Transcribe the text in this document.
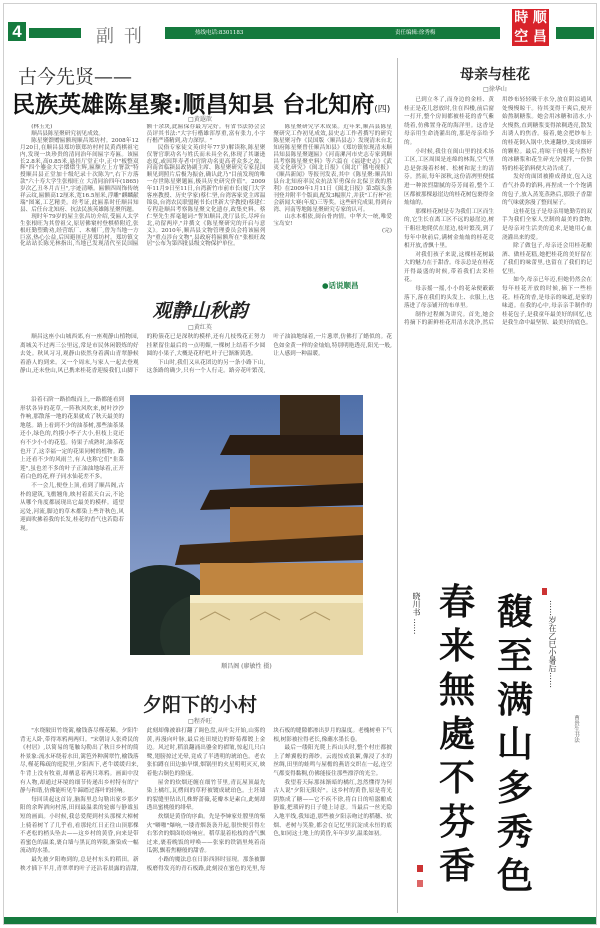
4	副刊	热线电话:8301183	责任编辑:徐秀梅
時 顺
空 昌
古今先贤——
民族英雄陈星聚:顺昌知县 台北知府(四)
□黄遐歆

(林玉光)

顺昌县陈星聚研究初见成效。

陈星聚馈赠匾额现顺昌郑坊村。2008年12月20日,在顺昌县郑坊镇郑坊村村民黄尚棋祖宅内,发现一块珍贵的清同治年间匾字寿匾。该匾长2.8米,高0.85米,悬挂厅堂正中,正中"板整双辉"四个鎏金大字熠熠生辉,匾额左上方署款"特授顺昌县正堂加十级纪录十次陈为",右下方落款"六十寿大学生张根旺立 大清同治四年(1865)岁次乙丑冬月吉旦",字迹清晰。匾额四周饰传统祥云纹,匾额高12厘米,宽16.5厘米,浮雕"麒麟献瑞"图案,工艺精美。经考证,此匾系时任顺昌知县、后任台北知府、抗法民族英雄陈星聚所题。

现时年79岁的屋主张昌坊介绍,受匾人太学生张根旺为其曾祖父,原居佛窠村登棋桥附近,张根旺勤塑勤劝,经营纸厂、木桶厂,曾为当地一方巨富,热心公益,后因避匪迁居郑坊村。郑坊镇文化站站长陈光林指出,当地已发现清代至民国匾额十余块,此匾保存最为完好。有省书法协会会员评其书法:"大字行楷雄浑厚重,富有张力,小字行楷严谨精到,功力深厚。"

民俗专家徒文英(时年77岁)解读称,陈星聚仅署官职功名与姓氏而未具全名,体现了其谦逊态度,或因拜寿者中官阶功名更高者众多之故。河南省临颍县政协副主席、陈星聚研究专家昆国顺见到照片后极为振奋,确认此乃"目前发现的唯一存世陈星聚题匾,极具历史研究价值"。2009年11月9日至11日,台湾新竹市前市长(厦门大学客座教授、历史学家)蔡仁坚,台湾客家党主席温锦泉,台湾农民联盟秘书长(世新大学教授)蔡建仁专程赴顺昌考察陈星聚文化遗存,政集史料。蔡仁坚先生挥毫题词:"誓知顺昌,洗厅县长,尽瘁台北,功留两岸,"并撰文《陈星聚研究的开启与意义》。2010年,顺昌县文物管理委员会将该匾列为"重点涉台文物",县政府将匾额所在"张根旺故居"公布为第四批县级文物保护单位。

陈星聚研究学术成果。近年来,顺昌县陈星聚研究工作初见成效,县史志工作者撰写的研究陈星聚习作《民国版〈顺昌县志〉发现清末台北知府陈星聚曾任顺昌知县》《郑坊镇惊现清末顺昌知县陈星聚题匾》《河南漯河市史志专家到顺昌考察陈星聚史料》等六篇在《福建史志》《武夷文化研究》《闽北日报》《闽北广播电视报》《顺昌新闻》等报刊发表,其中《陈星聚:顺昌知县台北知府率民众抗法军勇保台北保卫战的胜利》在2009年1月11日《闽北日报》第3版头条刊登并附半个版面,配发3幅照片,并获"工行杯"社会新闻大赛(年度)三等奖。这些研究成果,得到台湾、河南等地陈星聚研究专家的认可。

山水本相依,闽台骨肉情。中华大一统,唯爱宝岛安!

(完)

●话说顺昌
观静山秋韵
□黄红英

顺昌这座小山城西郊,有一座观静山植物园,离城关不过两三公里远,常是市民休闲锻炼的好去处。秋风习习,观静山依然身着满山青翠静候着游人的到来。又一个周末,与家人一起去登观静山,还未登山,风已携来桂花香迎接我们,山脚下的粉簇花已是深秋的模样,还有几枝残花正努力挂紧留住最后的一点明媚,一棵树上结着不少圆圆的小果子,大概是花籽吧,叶子已渐渐黄透。

下山时,我们又从花团边的另一条小路下山,这条路的确少,只有一个人行走。路旁花叶繁茂,叶子油油地绿着,一片葱翠,仿佛打了蜡似的。花色如金黄一样的金灿灿,特别明艳透亮,阳光一般,让人感到一种温暖。

沿着石阶一路拾级而上,一路都能看到形状各异的花草,一阵秋风吹来,树叶沙沙作响,那散落一地的花果就成了秋天最美的地毯。路上看到不少的油茶树,那些油茶果还小,绿色的,约摸小李子大小,但枝上竟还有不少小小的花苞。待果子成熟时,油茶花也开了,这幸福一定的花果同树的植物。路上还看不少的风雨兰,有人也称它们"韭菜莲",虽也差不多的叶子正油油地绿着,正开着白色的花,样子同水仙花差不多。

不一会儿,便登上顶,看到了顺昌阁,古朴的建筑,飞檐翘角,映衬着蓝天白云,不论从哪个角度都展现出它最美的模样。遥望远处,河流,脚边的草木都染上些许秋色,风迎面吹拂着我的长发,桂花的香气也若隐若现。

顺昌阁 (廖敏性 摄)
夕阳下的小村
□程乔旺

"水绕陂田竹绕篱,榆钱落尽槿花稀。夕阳牛背无人卧,带得寒鸦两两归。"宋朝诗人张舜民的《村居》,以简易的笔触勾勒出了秋日乡村的简朴景象:流水环绕着水田,篱笆外种满翠竹,榆钱落尽,槿花稀疏的庭院里,夕阳西下,老牛缓缓归来,牛背上没有牧童,却栖息着两只寒鸦。画面中没有人物,却通过环境的细节传递出乡村特有的宁静与和谐,仿佛能听见牛蹄踏过落叶的轻响。

每回读起这首诗,脑海里总勾勒出家乡那夕阳的余晖洒向村落,田间最温柔的轮廓与静谧虽短的画面。小时候,我总爱爬到村头那棵大樟树上骑着树丫了几乎看,看那轮红日正往山顶那棵不老松的梢头坠去——这乡村的黄昏,向来是带着蜜色的温柔,裹白墙与黑瓦的界限,渐染成一幅流动的水墨。

最先被夕阳吻到的,总是村东头的稻田。新秧才插下半月,青翠翠的叶子还沾着晨露的清甜,此刻却像被谁打翻了调色盘,从叶尖开始,山雾的黄,再漫向叶脉,最后连田埂边的野菊都镀上金边。风过时,稻浪翻涌出鎏金的褶皱,惊起几只白鹭,翅膀掠过光晕,竟成了半透明的琥珀色。老农张伯蹲在田边抽旱烟,烟锅里的火星明明灭灭,映着他古铜色的脸庞。

屋舍的炊烟还缠在细竹节里,青瓦屋顶最先染上橘红,瓦楞间的草籽被镀成琥珀色。土坯墙的裂缝里钻出几株野蔷薇,花瓣本是素白,此刻却透出蜜桃般的绯晕。

炊烟是黄昏的序曲。先是李婶家灶膛里的柴火"噼啪"爆响,一缕青烟袅袅升起,很快便引得左右邻舍的烟囱纷纷响应。稻草混着松枝的香气飘过来,裹着晚饭的呼唤——张家的铁锅里炖着南瓜粥,飘着焦糖般的甜香。

小路的魔法总在日影西斜时显现。那条被脚板磨得发亮的青石板路,此刻浸在蜜色的光里,每块石板的缝隙都渗出岁月的温度。老槐树垂下气根,树影被拉得老长,像蘸水墨长卷。

最后一缕阳光爬上西山头时,整个村庄都披上了蝉翼般的薄纱。云霞惊成浪絮,像浸了水的丝绸,田里的蛙鸣与屋檐的燕语交织在一起,连空气都变得黏稠,仿佛能接住那些漂浮的光尘。

我望着天际那抹渐暗的橘红,忽然懂得为何古人说"夕阳无限好"。这乡村的黄昏,原是将光阴熬成了糖——它不疾不徐,将白日的喧嚣酿成静谧,把琐碎的日子缝上诗意。当最后一丝光隐入地平线,我知道,那些被夕阳亲吻过的稻穗、炊烟、老树与笑脸,都会在记忆里沉淀成永恒的底色,如同这土地上的黄昏,年年岁岁,温柔如初。

母亲与桂花
□徐华山

已到立冬了,而身边的金桂、黄桂正是花儿怒放时,住在四楼,前后窗一打开,整个房间都被桂花的香气紫绕着,仿佛置身花的海洋里。这香是母亲用生命浇灌出的,那是母亲给予的。

小时候,我住在闽山里的技术场工区,工区周围是连绵的林海,空气里总是弥漫着杉树、松树和泥土的清芬。然而,每年深秋,这份清冽里便揉进一种浓烈甜腻的芬芳闻着,整个工区都被那棵悬崖边的桂花树包裹得金灿灿的。

那棵桂花树是专为我们工区而生的,它生长在离工区不远的悬崖边,树干粗壮地爬伏在崖边,枝叶繁茂,到了每年中秋前后,满树金灿灿的桂花竞相开放,香飘十里。

对我们孩子来说,这棵桂花树最大的魅力在于甜香。母亲总是在桂花开得最盛的时候,带着我们去采桂花。

母亲摇一摇,小小的花朵便簌簌落下,落在我们的头发上、衣服上,也落进了母亲铺开的布单里。

制作过程颇为讲究。首先,她会将摘下的新鲜桂花用清水洗净,然后用纱布轻轻吸干水分,放在阴凉通风处慢慢晾干。待其变得干爽后,便开始熬制糖浆。她会用冰糖和清水,小火慢熬,直到糖浆变得浓稠透亮,散发出诱人的焦香。接着,她会把纱布上的桂花倒入锅中,快速翻炒,变成细碎的颗粒。最后,将晾干的桂花与熬好的冰糖浆和花生碎充分搅拌,一份独特的桂花馅料便大功告成了。

发好的面团被擀成薄皮,包入这香气扑鼻的馅料,再捏成一个个饱满的包子,放入蒸笼蒸熟后,那股子香甜的气味就弥漫了整间屋子。

这桂花包子是母亲用她勤劳的双手为我们全家人烹制的最美的食物,是母亲对生活美的追求,是她用心血浇灌出来的爱。

除了做包子,母亲还会用桂花酿酒、做桂花糕,她把桂花的美好留在了我们的味蕾里,也留在了我们的记忆里。

如今,母亲已年迈,但她仍然会在每年桂花开放的时候,摘下一些桂花。桂花的香,是母亲的味道,是家的味道。在我的心中,母亲亲手制作的桂花包子,是我童年最美好的回忆,也是我生命中最坚韧、最美好的底色。

馥
至
满
山
多
秀
色
春
来
無
處
不
芬
香
……岁在乙巳小暑后……
晓川书 ……
曹贵生书法
